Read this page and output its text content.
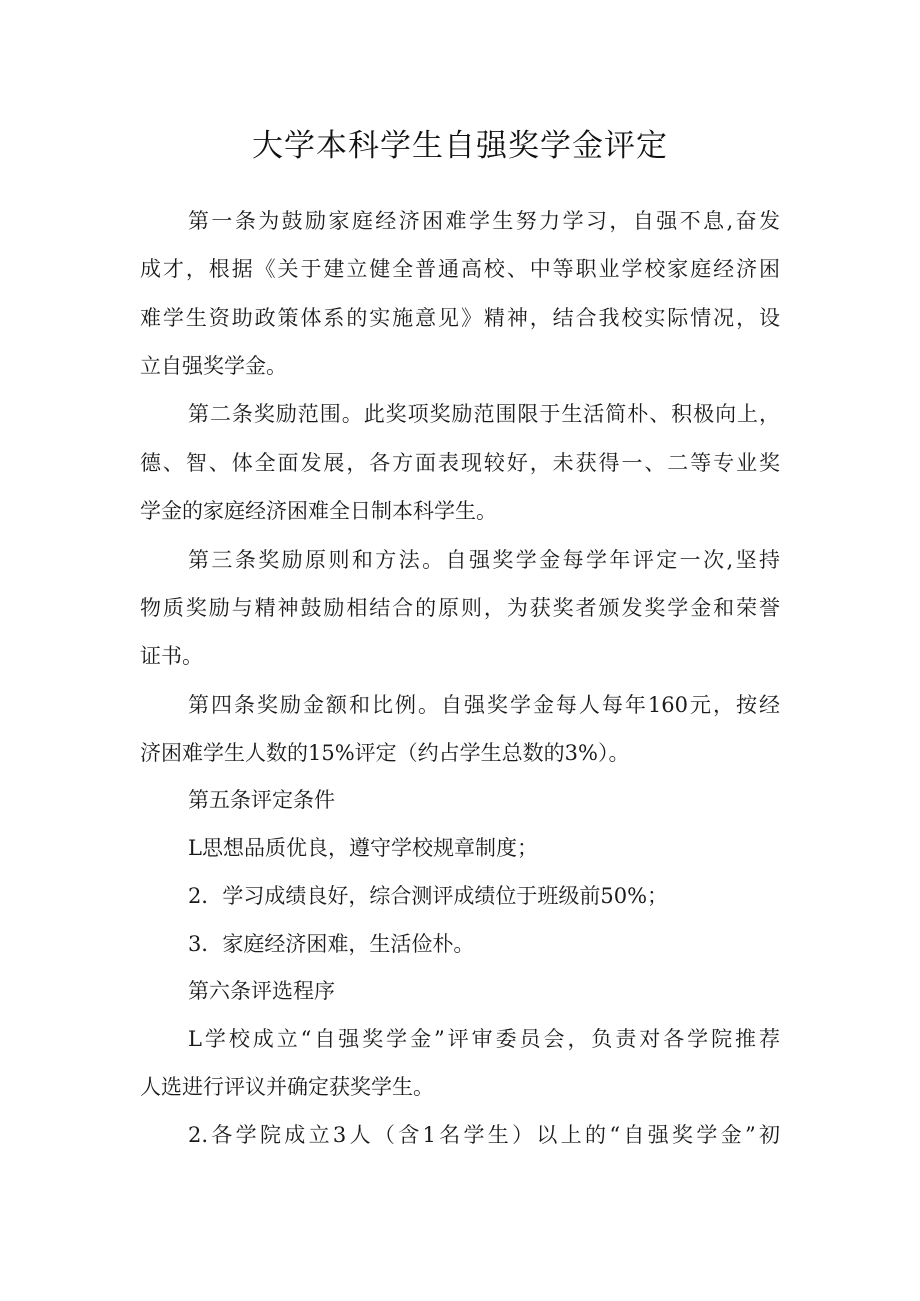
大学本科学生自强奖学金评定
第一条为鼓励家庭经济困难学生努力学习，自强不息,奋发
成才，根据《关于建立健全普通高校、中等职业学校家庭经济困
难学生资助政策体系的实施意见》精神，结合我校实际情况，设
立自强奖学金。
第二条奖励范围。此奖项奖励范围限于生活简朴、积极向上，
德、智、体全面发展，各方面表现较好，未获得一、二等专业奖
学金的家庭经济困难全日制本科学生。
第三条奖励原则和方法。自强奖学金每学年评定一次,坚持
物质奖励与精神鼓励相结合的原则，为获奖者颁发奖学金和荣誉
证书。
第四条奖励金额和比例。自强奖学金每人每年160元，按经
济困难学生人数的15%评定（约占学生总数的3%）。
第五条评定条件
L思想品质优良，遵守学校规章制度；
2．学习成绩良好，综合测评成绩位于班级前50%；
3．家庭经济困难，生活俭朴。
第六条评选程序
L学校成立“自强奖学金”评审委员会，负责对各学院推荐
人选进行评议并确定获奖学生。
2.各学院成立3人（含1名学生）以上的“自强奖学金”初
